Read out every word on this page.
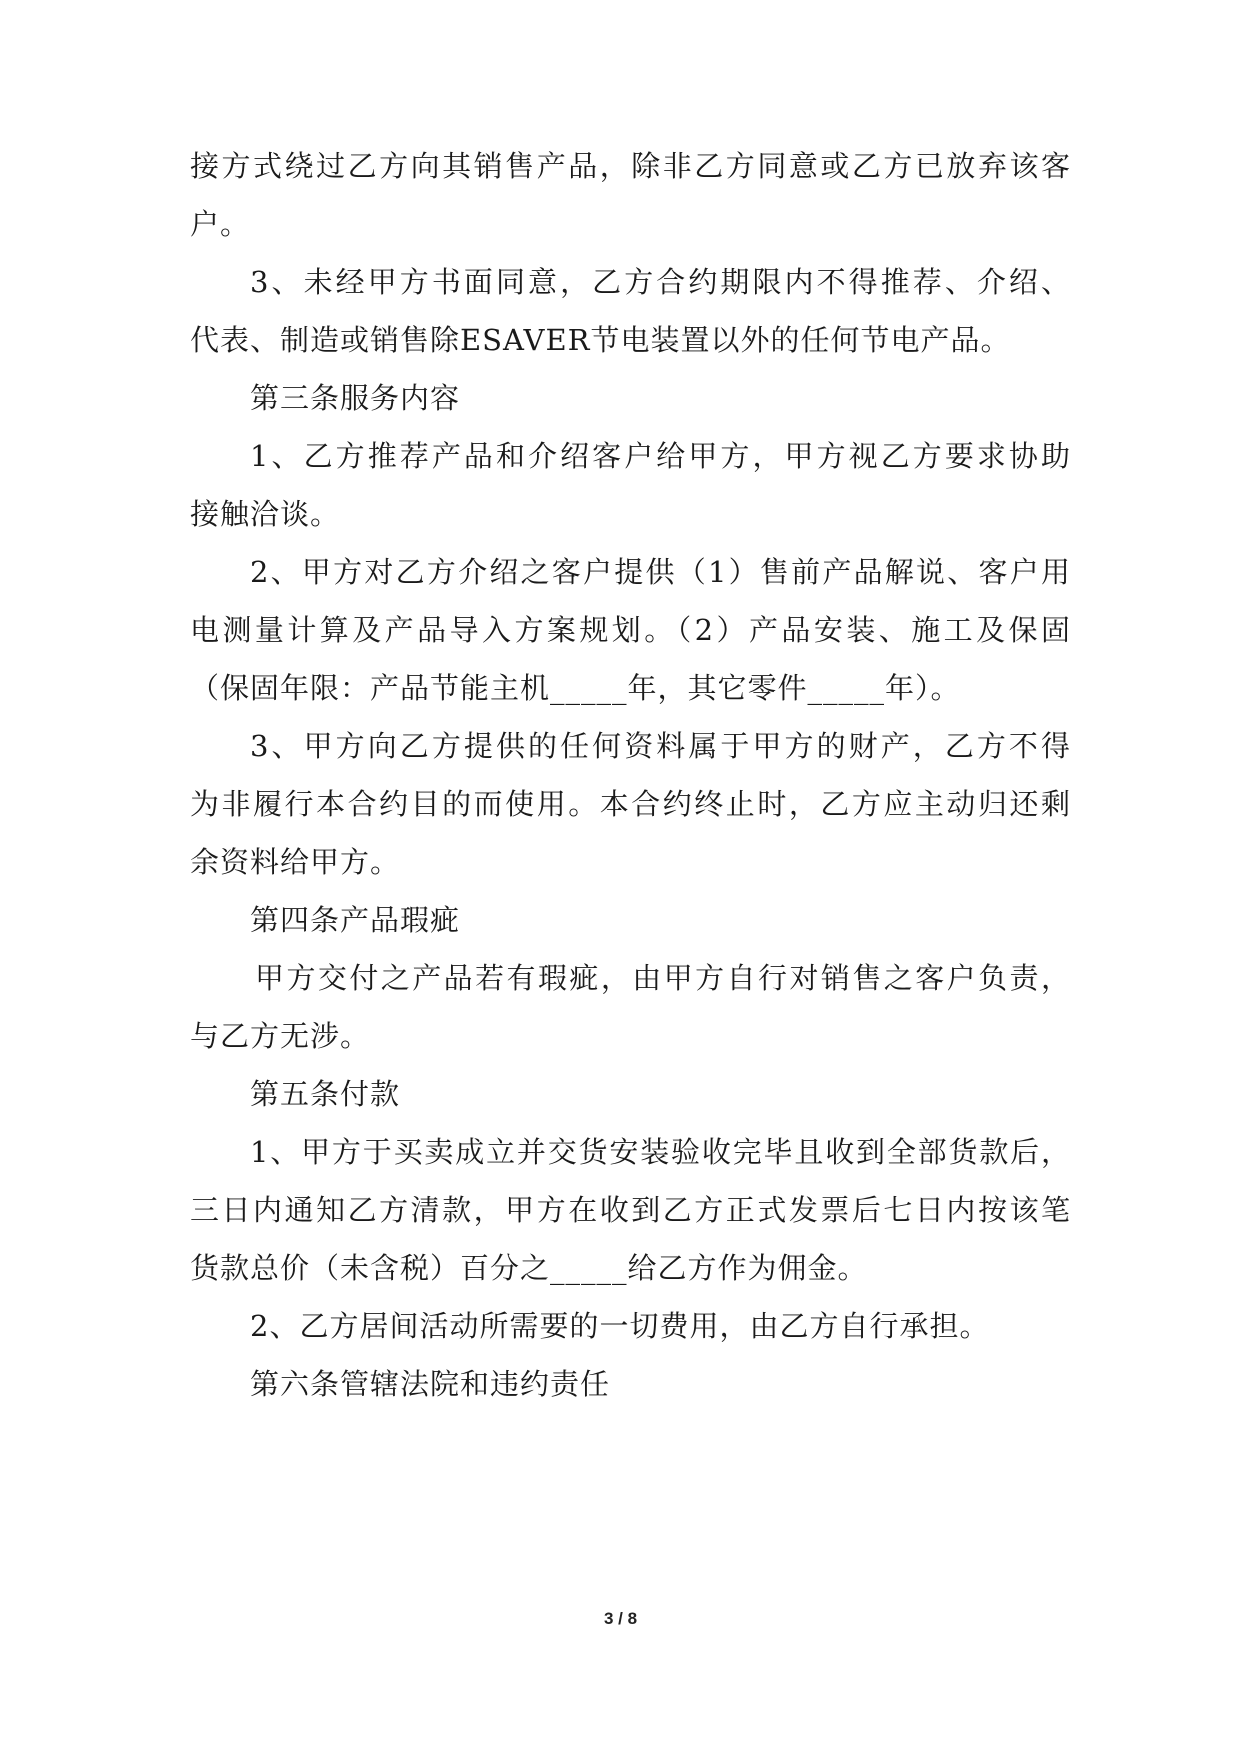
接方式绕过乙方向其销售产品，除非乙方同意或乙方已放弃该客
户。
3、未经甲方书面同意，乙方合约期限内不得推荐、介绍、
代表、制造或销售除ESAVER节电装置以外的任何节电产品。
第三条服务内容
1、乙方推荐产品和介绍客户给甲方，甲方视乙方要求协助
接触洽谈。
2、甲方对乙方介绍之客户提供（1）售前产品解说、客户用
电测量计算及产品导入方案规划。（2）产品安装、施工及保固
（保固年限：产品节能主机_____年，其它零件_____年）。
3、甲方向乙方提供的任何资料属于甲方的财产，乙方不得
为非履行本合约目的而使用。本合约终止时，乙方应主动归还剩
余资料给甲方。
第四条产品瑕疵
甲方交付之产品若有瑕疵，由甲方自行对销售之客户负责，
与乙方无涉。
第五条付款
1、甲方于买卖成立并交货安装验收完毕且收到全部货款后，
三日内通知乙方清款，甲方在收到乙方正式发票后七日内按该笔
货款总价（未含税）百分之_____给乙方作为佣金。
2、乙方居间活动所需要的一切费用，由乙方自行承担。
第六条管辖法院和违约责任
3 / 8
